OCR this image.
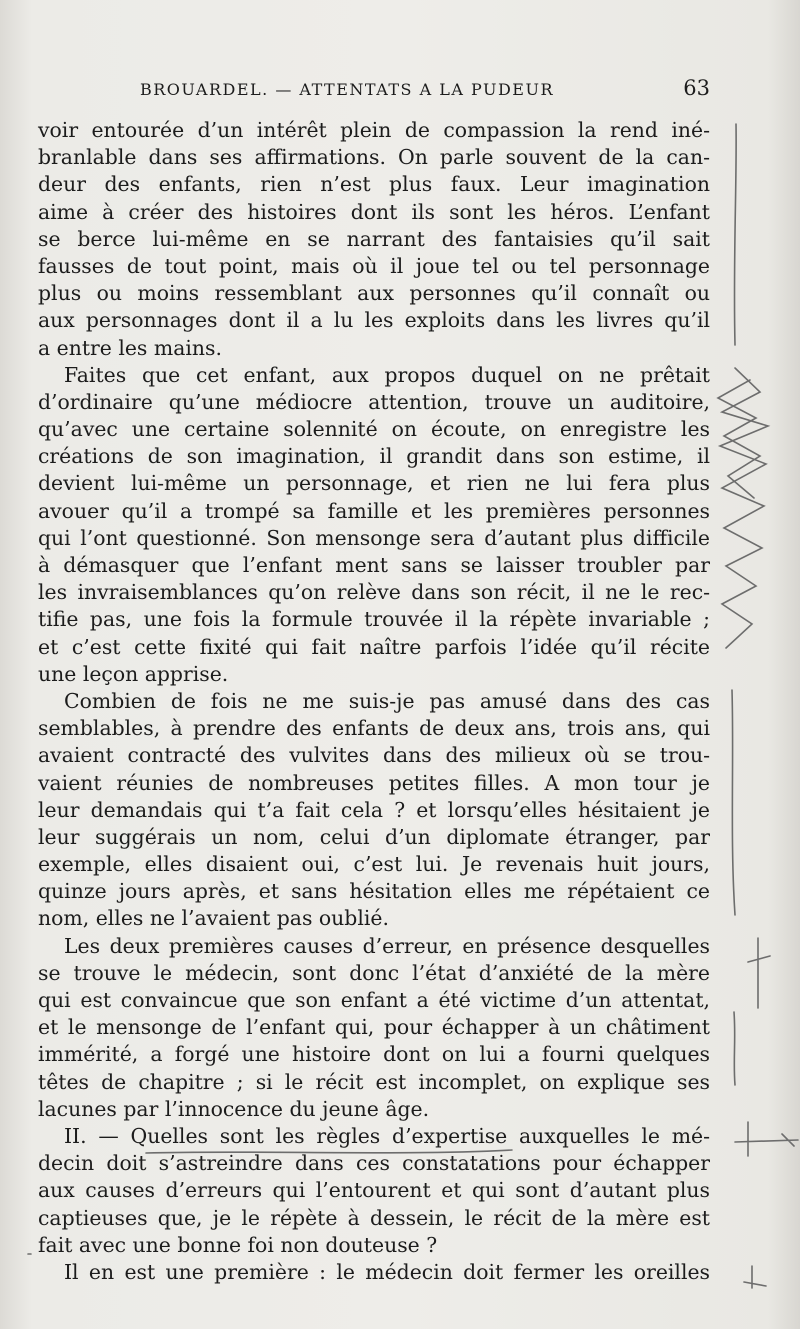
BROUARDEL. — ATTENTATS A LA PUDEUR	63
voir entourée d’un intérêt plein de compassion la rend iné-
branlable dans ses affirmations. On parle souvent de la can-
deur des enfants, rien n’est plus faux. Leur imagination
aime à créer des histoires dont ils sont les héros. L’enfant
se berce lui-même en se narrant des fantaisies qu’il sait
fausses de tout point, mais où il joue tel ou tel personnage
plus ou moins ressemblant aux personnes qu’il connaît ou
aux personnages dont il a lu les exploits dans les livres qu’il
a entre les mains.
Faites que cet enfant, aux propos duquel on ne prêtait
d’ordinaire qu’une médiocre attention, trouve un auditoire,
qu’avec une certaine solennité on écoute, on enregistre les
créations de son imagination, il grandit dans son estime, il
devient lui-même un personnage, et rien ne lui fera plus
avouer qu’il a trompé sa famille et les premières personnes
qui l’ont questionné. Son mensonge sera d’autant plus difficile
à démasquer que l’enfant ment sans se laisser troubler par
les invraisemblances qu’on relève dans son récit, il ne le rec-
tifie pas, une fois la formule trouvée il la répète invariable ;
et c’est cette fixité qui fait naître parfois l’idée qu’il récite
une leçon apprise.
Combien de fois ne me suis-je pas amusé dans des cas
semblables, à prendre des enfants de deux ans, trois ans, qui
avaient contracté des vulvites dans des milieux où se trou-
vaient réunies de nombreuses petites filles. A mon tour je
leur demandais qui t’a fait cela ? et lorsqu’elles hésitaient je
leur suggérais un nom, celui d’un diplomate étranger, par
exemple, elles disaient oui, c’est lui. Je revenais huit jours,
quinze jours après, et sans hésitation elles me répétaient ce
nom, elles ne l’avaient pas oublié.
Les deux premières causes d’erreur, en présence desquelles
se trouve le médecin, sont donc l’état d’anxiété de la mère
qui est convaincue que son enfant a été victime d’un attentat,
et le mensonge de l’enfant qui, pour échapper à un châtiment
immérité, a forgé une histoire dont on lui a fourni quelques
têtes de chapitre ; si le récit est incomplet, on explique ses
lacunes par l’innocence du jeune âge.
II. — Quelles sont les règles d’expertise auxquelles le mé-
decin doit s’astreindre dans ces constatations pour échapper
aux causes d’erreurs qui l’entourent et qui sont d’autant plus
captieuses que, je le répète à dessein, le récit de la mère est
fait avec une bonne foi non douteuse ?
Il en est une première : le médecin doit fermer les oreilles
